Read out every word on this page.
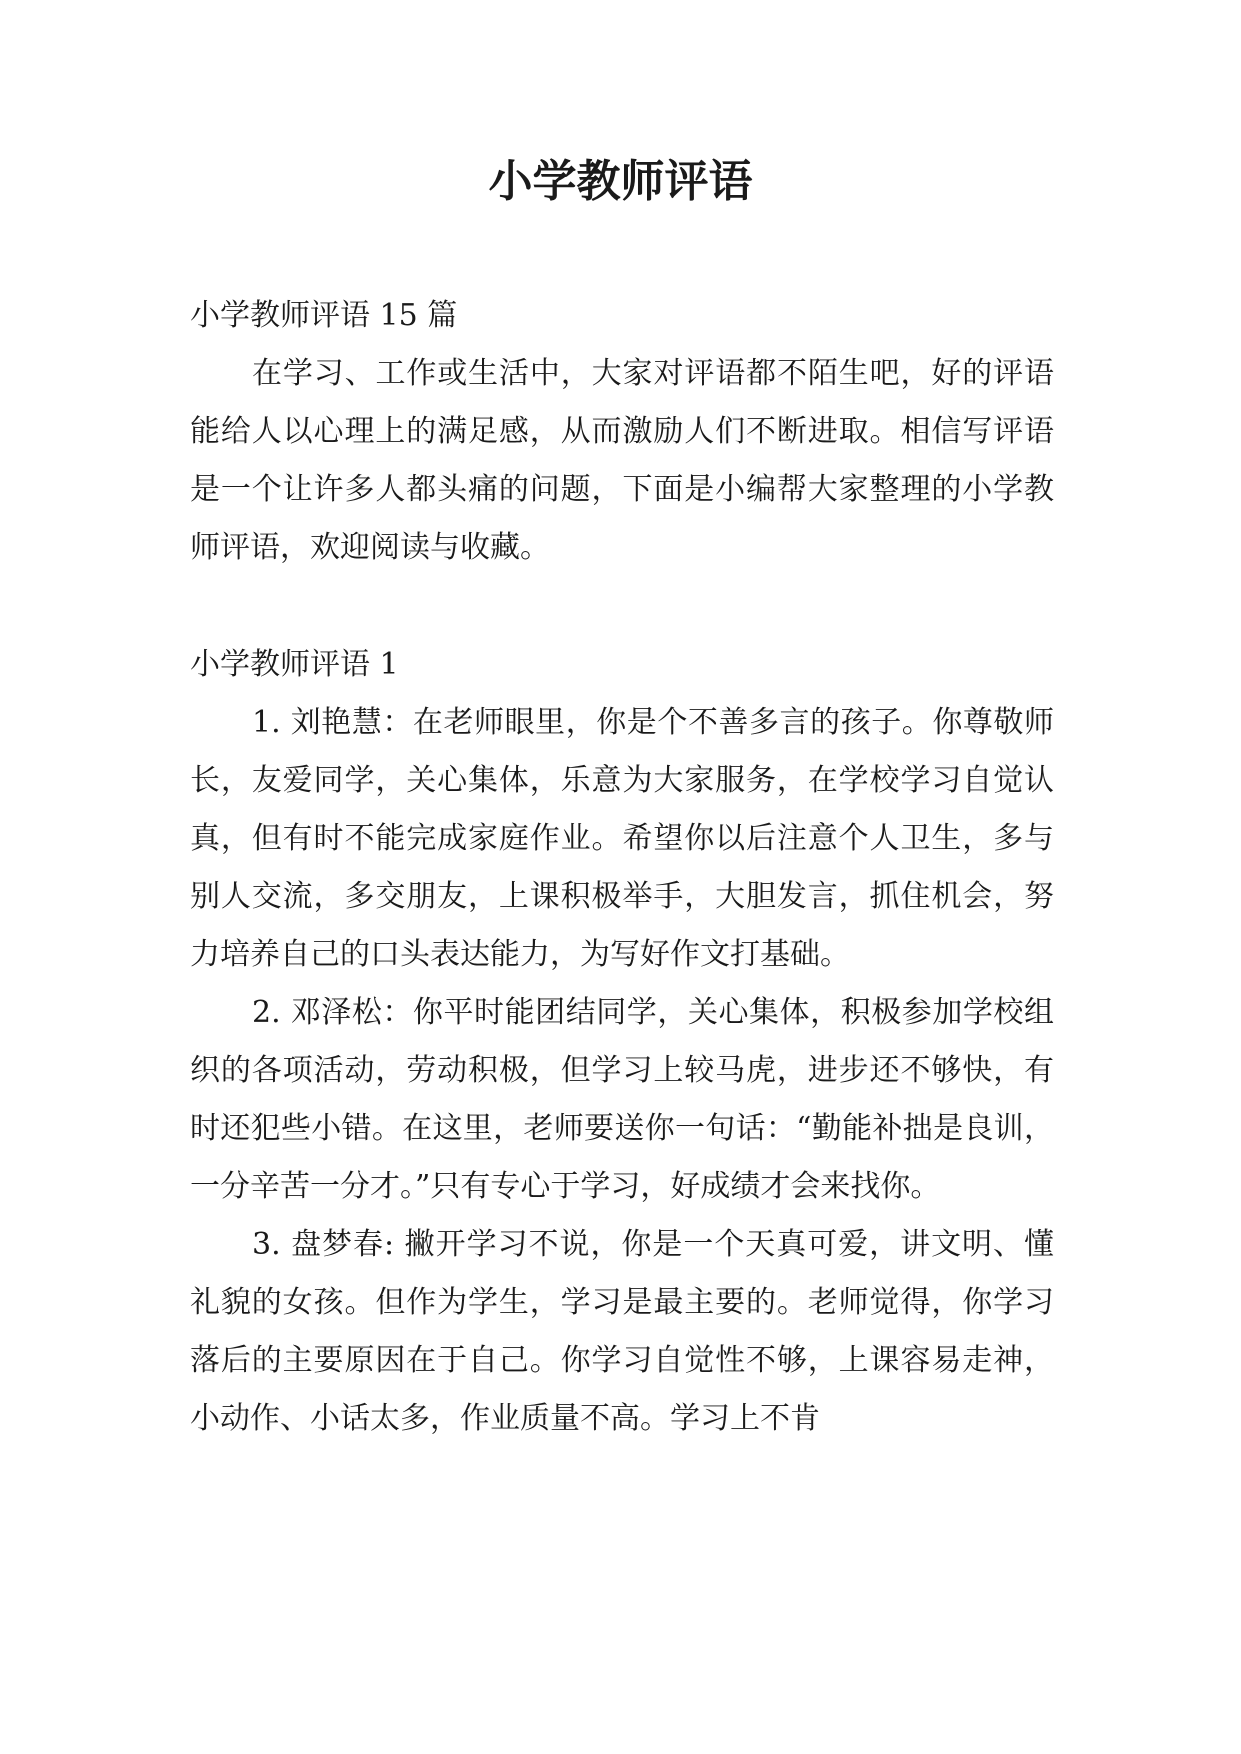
小学教师评语

小学教师评语 15 篇

在学习、工作或生活中，大家对评语都不陌生吧，好的评语能给人以心理上的满足感，从而激励人们不断进取。相信写评语是一个让许多人都头痛的问题，下面是小编帮大家整理的小学教师评语，欢迎阅读与收藏。

小学教师评语 1

1. 刘艳慧：在老师眼里，你是个不善多言的孩子。你尊敬师长，友爱同学，关心集体，乐意为大家服务，在学校学习自觉认真，但有时不能完成家庭作业。希望你以后注意个人卫生，多与别人交流，多交朋友，上课积极举手，大胆发言，抓住机会，努力培养自己的口头表达能力，为写好作文打基础。

2. 邓泽松：你平时能团结同学，关心集体，积极参加学校组织的各项活动，劳动积极，但学习上较马虎，进步还不够快，有时还犯些小错。在这里，老师要送你一句话：“勤能补拙是良训，一分辛苦一分才。”只有专心于学习，好成绩才会来找你。

3. 盘梦春: 撇开学习不说，你是一个天真可爱，讲文明、懂礼貌的女孩。但作为学生，学习是最主要的。老师觉得，你学习落后的主要原因在于自己。你学习自觉性不够，上课容易走神，小动作、小话太多，作业质量不高。学习上不肯
